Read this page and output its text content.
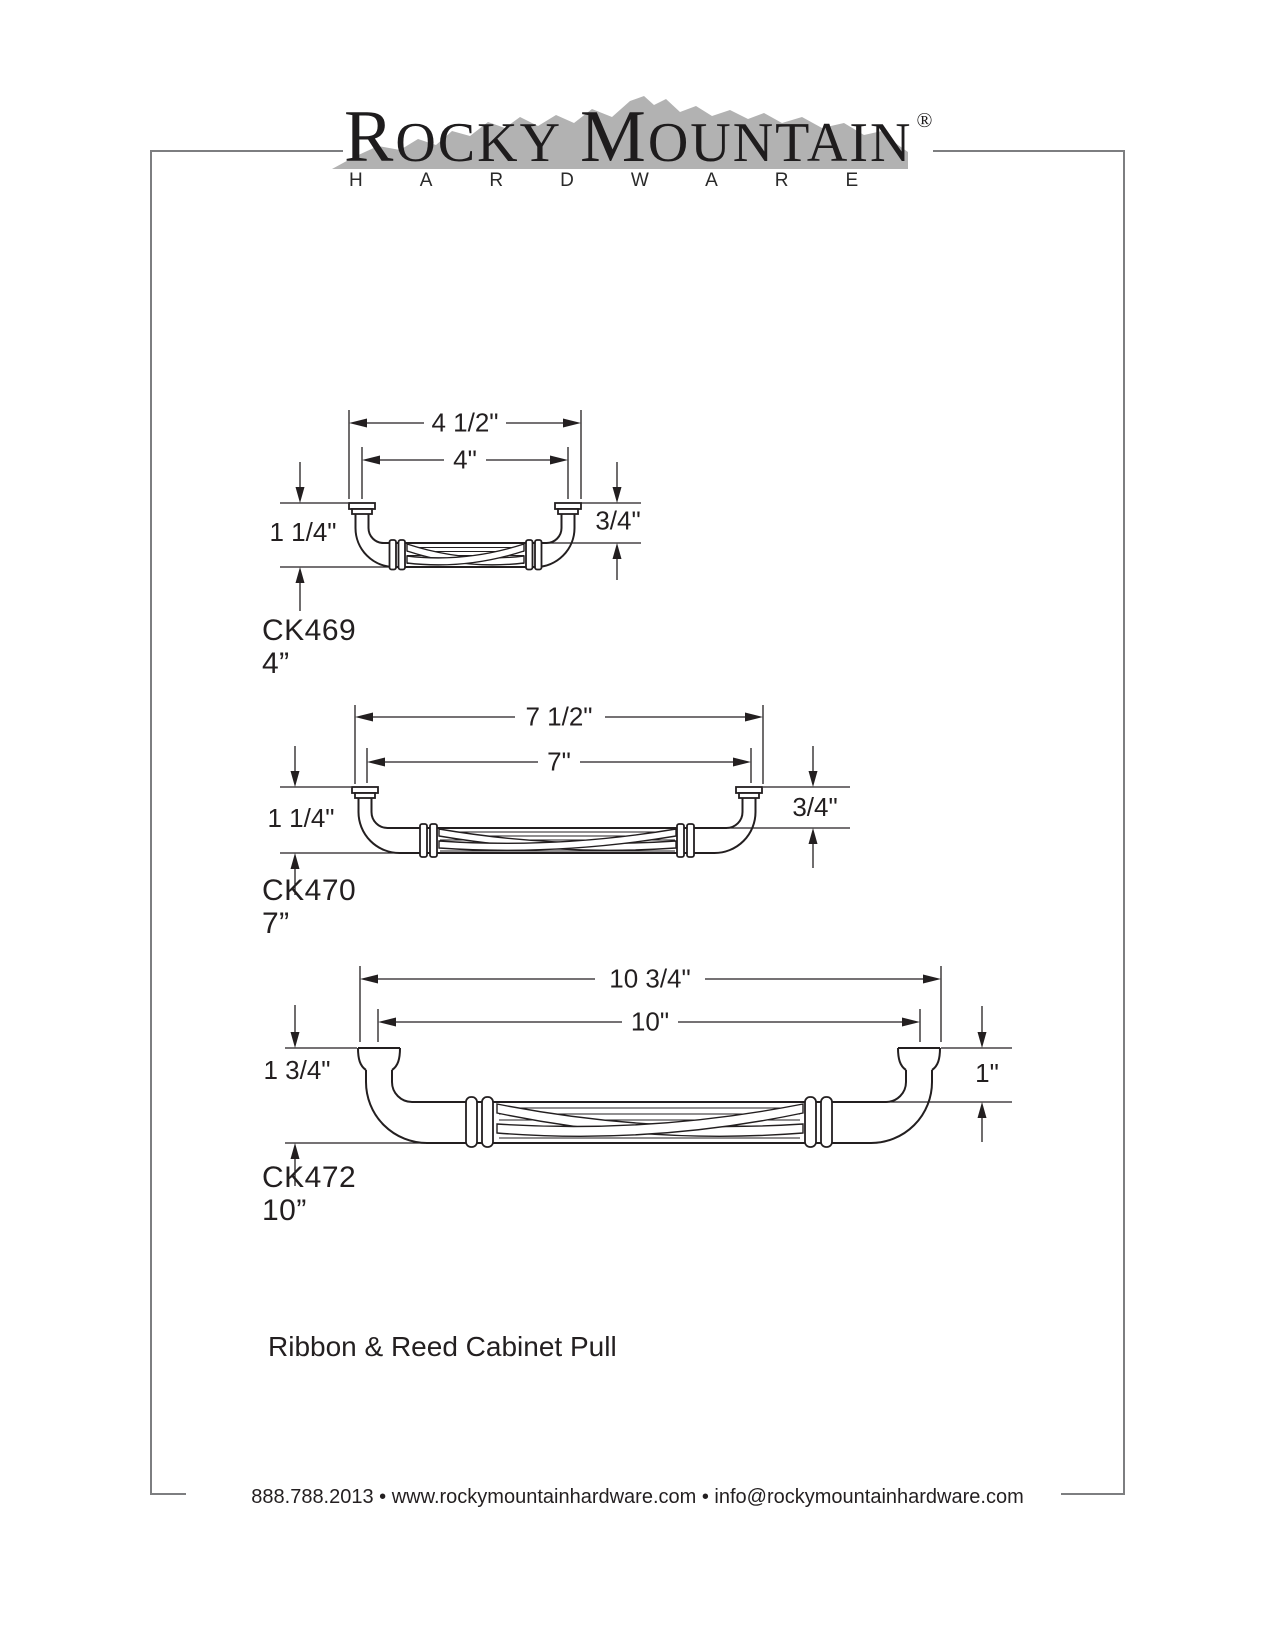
R OCKY M OUNTAIN ®
HARDWARE
4 1/2"
4"
1 1/4"	3/4"
7 1/2"
7"
1 1/4"	3/4"
10 3/4"
10"
1 3/4"	1"
CK469
4”
CK470
7”
CK472
10”
Ribbon & Reed Cabinet Pull
888.788.2013 • www.rockymountainhardware.com • info@rockymountainhardware.com
